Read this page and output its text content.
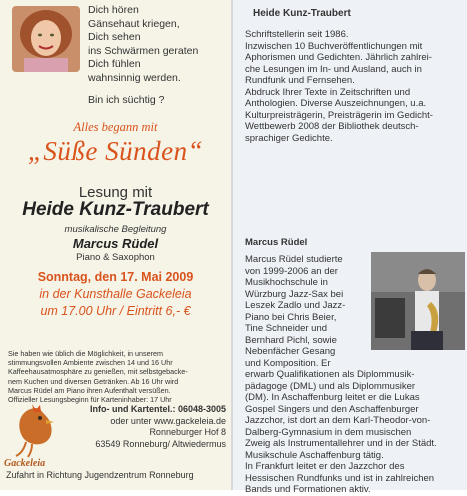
Dich hören
Gänsehaut kriegen,
Dich sehen
ins Schwärmen geraten
Dich fühlen
wahnsinnig werden.
Bin ich süchtig ?
Alles begann mit
„Süße Sünden“
Lesung mit
Heide Kunz-Traubert
musikalische Begleitung
Marcus Rüdel
Piano & Saxophon
Sonntag, den 17. Mai 2009
in der Kunsthalle Gackeleia
um 17.00 Uhr / Eintritt 6,- €
Sie haben wie üblich die Möglichkeit, in unserem
stimmungsvollen Ambiente zwischen 14 und 16 Uhr
Kaffeehausatmosphäre zu genießen, mit selbstgebacke-
nem Kuchen und diversen Getränken. Ab 16 Uhr wird
Marcus Rüdel am Piano ihren Aufenthalt versüßen.
Offizieller Lesungsbeginn für Karteninhaber: 17 Uhr
Gackeleia
Info- und Kartentel.: 06048-3005
oder unter www.gackeleia.de
Ronneburger Hof 8
63549 Ronneburg/ Altwiedermus
Zufahrt in Richtung Jugendzentrum Ronneburg
Heide Kunz-Traubert
Schriftstellerin seit 1986.
Inzwischen 10 Buchveröffentlichungen mit
Aphorismen und Gedichten. Jährlich zahlrei-
che Lesungen im In- und Ausland, auch in
Rundfunk und Fernsehen.
Abdruck Ihrer Texte in Zeitschriften und
Anthologien. Diverse Auszeichnungen, u.a.
Kulturpreisträgerin, Preisträgerin im Gedicht-
Wettbewerb 2008 der Bibliothek deutsch-
sprachiger Gedichte.
Marcus Rüdel
Marcus Rüdel studierte
von 1999-2006 an der
Musikhochschule in
Würzburg Jazz-Sax bei
Leszek Zadlo und Jazz-
Piano bei Chris Beier,
Tine Schneider und
Bernhard Pichl, sowie
Nebenfächer Gesang
und Komposition. Er
erwarb Qualifikationen als Diplommusik-
pädagoge (DML) und als Diplommusiker
(DM). In Aschaffenburg leitet er die Lukas
Gospel Singers und den Aschaffenburger
Jazzchor, ist dort an dem Karl-Theodor-von-
Dalberg-Gymnasium in dem musischen
Zweig als Instrumentallehrer und in der Städt.
Musikschule Aschaffenburg tätig.
In Frankfurt leitet er den Jazzchor des
Hessischen Rundfunks und ist in zahlreichen
Bands und Formationen aktiv.
